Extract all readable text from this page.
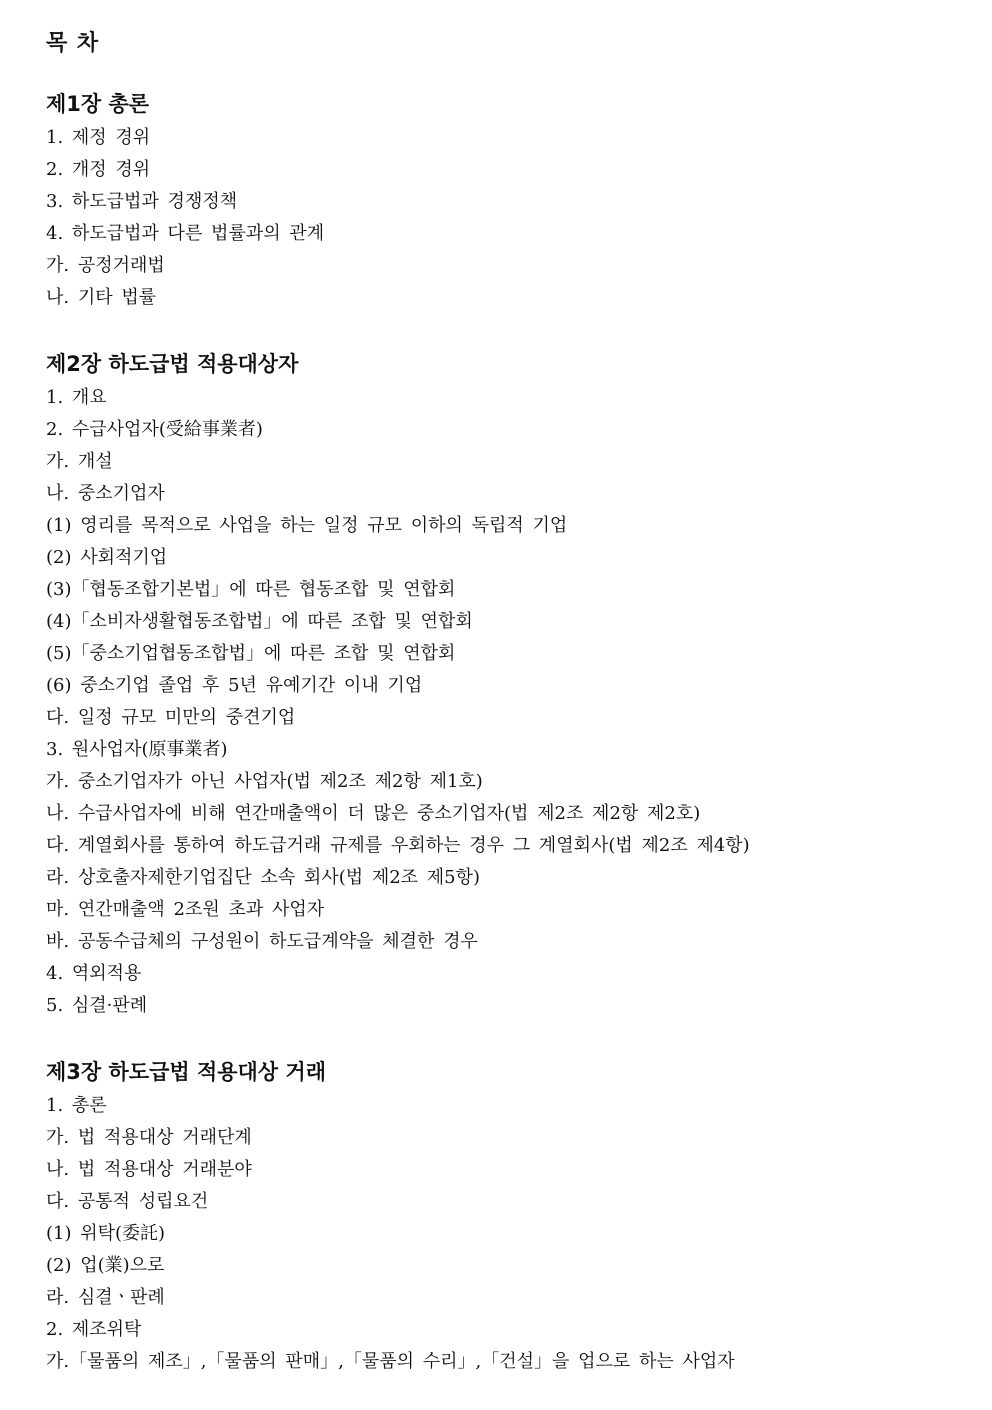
목 차
제1장 총론
1. 제정 경위
2. 개정 경위
3. 하도급법과 경쟁정책
4. 하도급법과 다른 법률과의 관계
가. 공정거래법
나. 기타 법률
제2장 하도급법 적용대상자
1. 개요
2. 수급사업자(受給事業者)
가. 개설
나. 중소기업자
(1) 영리를 목적으로 사업을 하는 일정 규모 이하의 독립적 기업
(2) 사회적기업
(3)「협동조합기본법」에 따른 협동조합 및 연합회
(4)「소비자생활협동조합법」에 따른 조합 및 연합회
(5)「중소기업협동조합법」에 따른 조합 및 연합회
(6) 중소기업 졸업 후 5년 유예기간 이내 기업
다. 일정 규모 미만의 중견기업
3. 원사업자(原事業者)
가. 중소기업자가 아닌 사업자(법 제2조 제2항 제1호)
나. 수급사업자에 비해 연간매출액이 더 많은 중소기업자(법 제2조 제2항 제2호)
다. 계열회사를 통하여 하도급거래 규제를 우회하는 경우 그 계열회사(법 제2조 제4항)
라. 상호출자제한기업집단 소속 회사(법 제2조 제5항)
마. 연간매출액 2조원 초과 사업자
바. 공동수급체의 구성원이 하도급계약을 체결한 경우
4. 역외적용
5. 심결·판례
제3장 하도급법 적용대상 거래
1. 총론
가. 법 적용대상 거래단계
나. 법 적용대상 거래분야
다. 공통적 성립요건
(1) 위탁(委託)
(2) 업(業)으로
라. 심결ㆍ판례
2. 제조위탁
가.「물품의 제조」,「물품의 판매」,「물품의 수리」,「건설」을 업으로 하는 사업자
